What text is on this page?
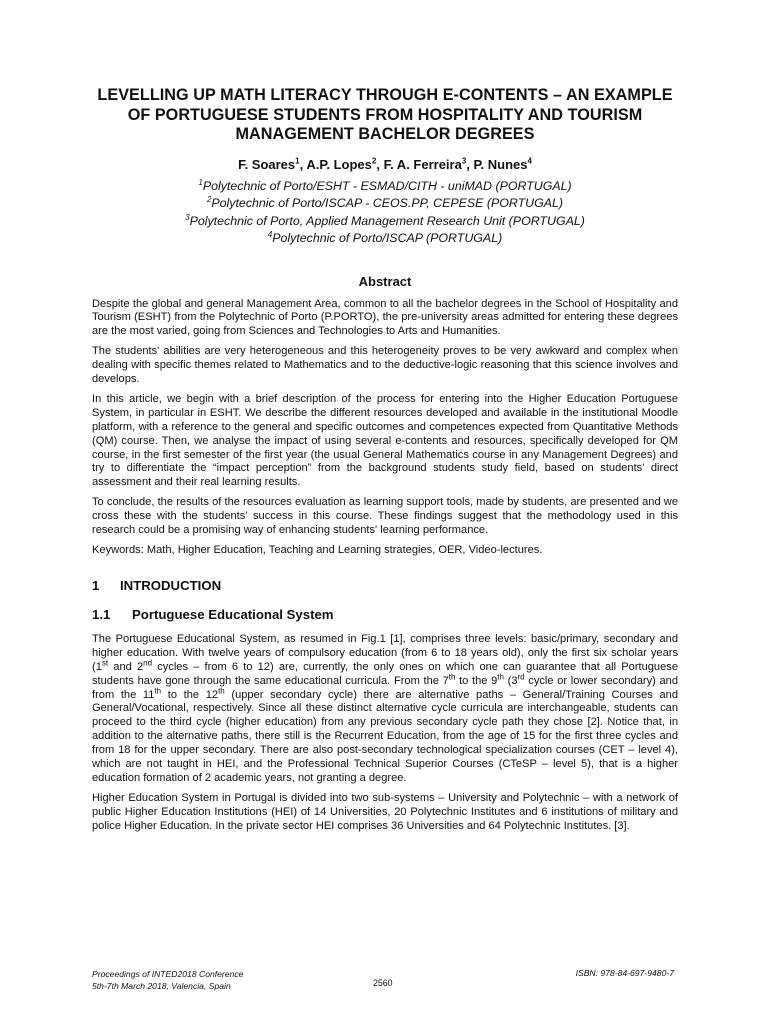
LEVELLING UP MATH LITERACY THROUGH E-CONTENTS – AN EXAMPLE OF PORTUGUESE STUDENTS FROM HOSPITALITY AND TOURISM MANAGEMENT BACHELOR DEGREES
F. Soares$^1$, A.P. Lopes$^2$, F. A. Ferreira$^3$, P. Nunes$^4$

$^1$Polytechnic of Porto/ESHT - ESMAD/CITH - uniMAD (PORTUGAL)

$^2$Polytechnic of Porto/ISCAP - CEOS.PP, CEPESE (PORTUGAL)

$^3$Polytechnic of Porto, Applied Management Research Unit (PORTUGAL)

$^4$Polytechnic of Porto/ISCAP (PORTUGAL)

Abstract

Despite the global and general Management Area, common to all the bachelor degrees in the School of Hospitality and Tourism (ESHT) from the Polytechnic of Porto (P.PORTO), the pre-university areas admitted for entering these degrees are the most varied, going from Sciences and Technologies to Arts and Humanities.

The students' abilities are very heterogeneous and this heterogeneity proves to be very awkward and complex when dealing with specific themes related to Mathematics and to the deductive-logic reasoning that this science involves and develops.

In this article, we begin with a brief description of the process for entering into the Higher Education Portuguese System, in particular in ESHT. We describe the different resources developed and available in the institutional Moodle platform, with a reference to the general and specific outcomes and competences expected from Quantitative Methods (QM) course. Then, we analyse the impact of using several e-contents and resources, specifically developed for QM course, in the first semester of the first year (the usual General Mathematics course in any Management Degrees) and try to differentiate the “impact perception” from the background students study field, based on students' direct assessment and their real learning results.

To conclude, the results of the resources evaluation as learning support tools, made by students, are presented and we cross these with the students' success in this course. These findings suggest that the methodology used in this research could be a promising way of enhancing students' learning performance.

Keywords: Math, Higher Education, Teaching and Learning strategies, OER, Video-lectures.

1	INTRODUCTION
1.1	Portuguese Educational System

The Portuguese Educational System, as resumed in Fig.1 [1], comprises three levels: basic/primary, secondary and higher education. With twelve years of compulsory education (from 6 to 18 years old), only the first six scholar years (1st and 2nd cycles – from 6 to 12) are, currently, the only ones on which one can guarantee that all Portuguese students have gone through the same educational curricula. From the 7th to the 9th (3rd cycle or lower secondary) and from the 11th to the 12th (upper secondary cycle) there are alternative paths – General/Training Courses and General/Vocational, respectively. Since all these distinct alternative cycle curricula are interchangeable, students can proceed to the third cycle (higher education) from any previous secondary cycle path they chose [2]. Notice that, in addition to the alternative paths, there still is the Recurrent Education, from the age of 15 for the first three cycles and from 18 for the upper secondary. There are also post-secondary technological specialization courses (CET – level 4), which are not taught in HEI, and the Professional Technical Superior Courses (CTeSP – level 5), that is a higher education formation of 2 academic years, not granting a degree.

Higher Education System in Portugal is divided into two sub-systems – University and Polytechnic – with a network of public Higher Education Institutions (HEI) of 14 Universities, 20 Polytechnic Institutes and 6 institutions of military and police Higher Education. In the private sector HEI comprises 36 Universities and 64 Polytechnic Institutes. [3].

Proceedings of INTED2018 Conference
5th-7th March 2018, Valencia, Spain	2560
ISBN: 978-84-697-9480-7
